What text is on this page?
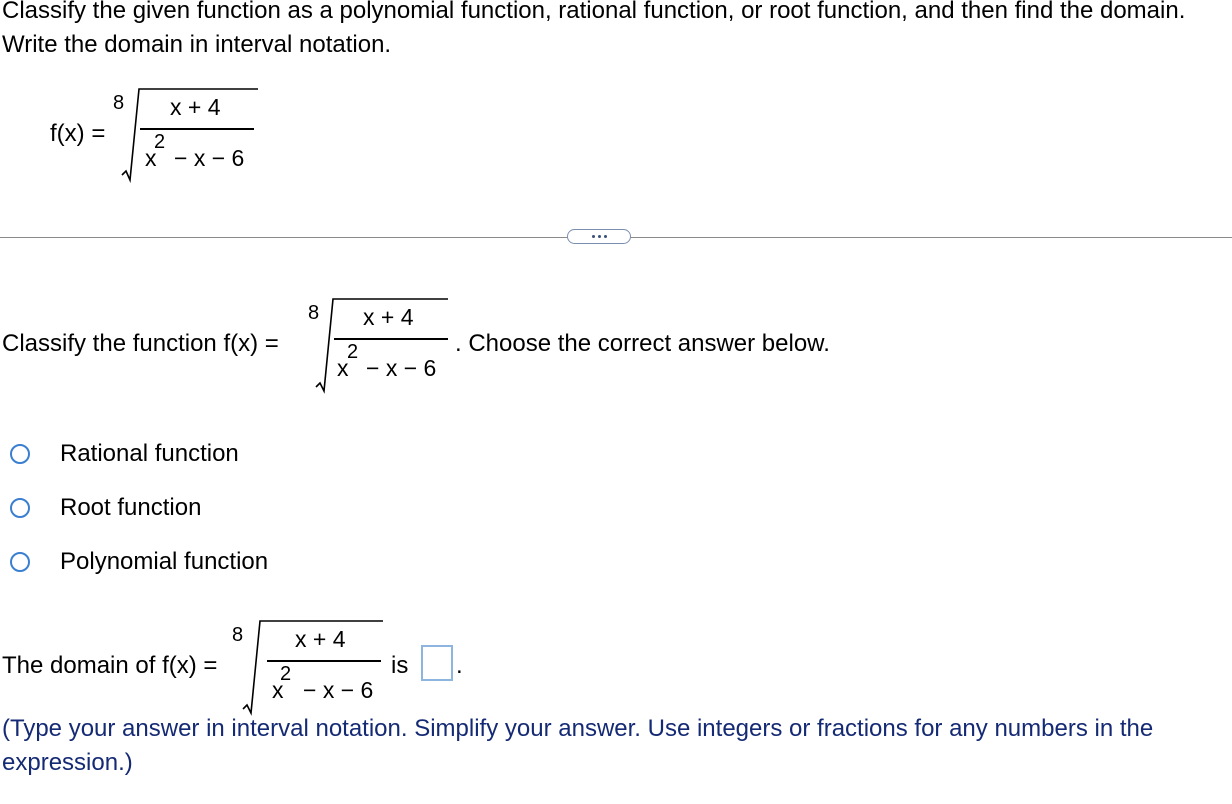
Classify the given function as a polynomial function, rational function, or root function, and then find the domain. Write the domain in interval notation.

f(x) =
8 x + 4
x
2
− x − 6
Classify the function f(x) =
8 x + 4
x
2
− x − 6
. Choose the correct answer below.
Rational function
Root function
Polynomial function
The domain of f(x) =
8 x + 4
x
2
− x − 6
is .

(Type your answer in interval notation. Simplify your answer. Use integers or fractions for any numbers in the expression.)
